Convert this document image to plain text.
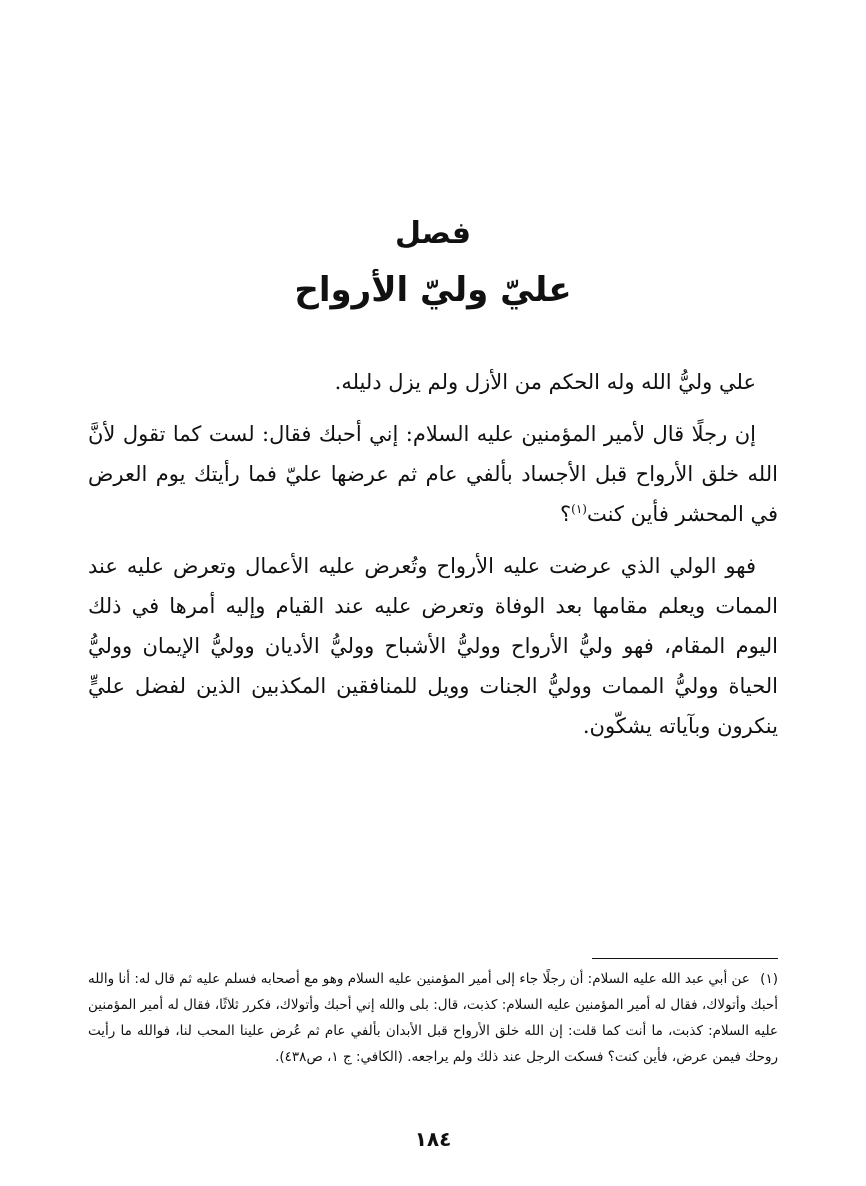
فصل
عليّ وليّ الأرواح

علي وليُّ الله وله الحكم من الأزل ولم يزل دليله.

إن رجلًا قال لأمير المؤمنين عليه السلام: إني أحبك فقال: لست كما تقول لأنَّ الله خلق الأرواح قبل الأجساد بألفي عام ثم عرضها عليّ فما رأيتك يوم العرض في المحشر فأين كنت$^{(١)}$؟

فهو الولي الذي عرضت عليه الأرواح وتُعرض عليه الأعمال وتعرض عليه عند الممات ويعلم مقامها بعد الوفاة وتعرض عليه عند القيام وإليه أمرها في ذلك اليوم المقام، فهو وليُّ الأرواح ووليُّ الأشباح ووليُّ الأديان ووليُّ الإيمان ووليُّ الحياة ووليُّ الممات ووليُّ الجنات وويل للمنافقين المكذبين الذين لفضل عليٍّ ينكرون وبآياته يشكّون.

(١) عن أبي عبد الله عليه السلام: أن رجلًا جاء إلى أمير المؤمنين عليه السلام وهو مع أصحابه فسلم عليه ثم قال له: أنا والله أحبك وأتولاك، فقال له أمير المؤمنين عليه السلام: كذبت، قال: بلى والله إني أحبك وأتولاك، فكرر ثلاثًا، فقال له أمير المؤمنين عليه السلام: كذبت، ما أنت كما قلت: إن الله خلق الأرواح قبل الأبدان بألفي عام ثم عُرض علينا المحب لنا، فوالله ما رأيت روحك فيمن عرض، فأين كنت؟ فسكت الرجل عند ذلك ولم يراجعه. (الكافي: ج ١، ص٤٣٨).
١٨٤
